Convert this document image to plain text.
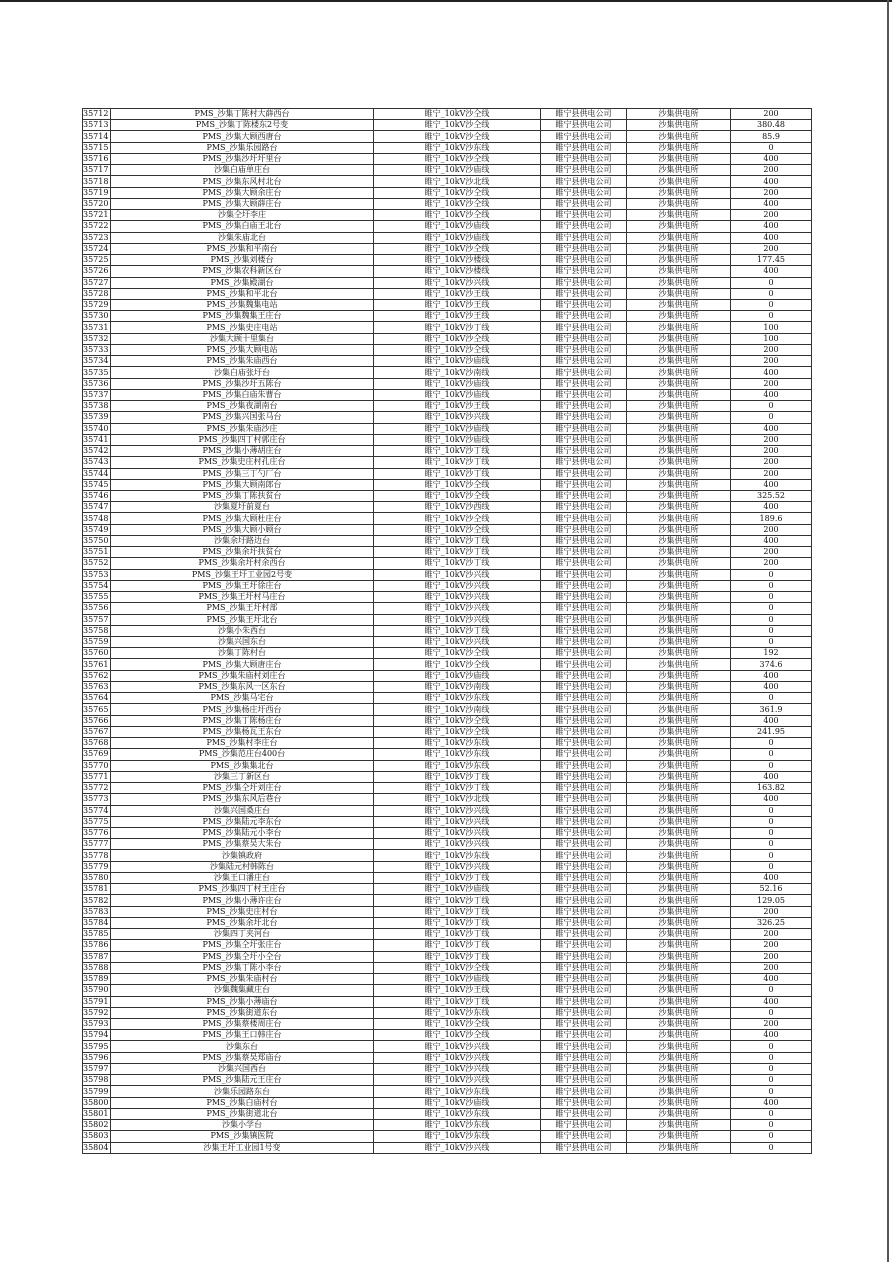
35712	PMS_沙集丁陈村大薛西台	睢宁_10kV沙仝线	睢宁县供电公司	沙集供电所	200
35713	PMS_沙集丁陈楼东2号变	睢宁_10kV沙仝线	睢宁县供电公司	沙集供电所	380.48
35714	PMS_沙集大顾西唐台	睢宁_10kV沙仝线	睢宁县供电公司	沙集供电所	85.9
35715	PMS_沙集乐园路台	睢宁_10kV沙东线	睢宁县供电公司	沙集供电所	0
35716	PMS_沙集沙圩圩里台	睢宁_10kV沙仝线	睢宁县供电公司	沙集供电所	400
35717	沙集白庙单庄台	睢宁_10kV沙庙线	睢宁县供电公司	沙集供电所	200
35718	PMS_沙集东风村北台	睢宁_10kV沙北线	睢宁县供电公司	沙集供电所	400
35719	PMS_沙集大顾余庄台	睢宁_10kV沙仝线	睢宁县供电公司	沙集供电所	200
35720	PMS_沙集大顾薛庄台	睢宁_10kV沙仝线	睢宁县供电公司	沙集供电所	400
35721	沙集仝圩李庄	睢宁_10kV沙仝线	睢宁县供电公司	沙集供电所	200
35722	PMS_沙集白庙王北台	睢宁_10kV沙庙线	睢宁县供电公司	沙集供电所	400
35723	沙集朱庙北台	睢宁_10kV沙庙线	睢宁县供电公司	沙集供电所	400
35724	PMS_沙集和平南台	睢宁_10kV沙仝线	睢宁县供电公司	沙集供电所	200
35725	PMS_沙集刘楼台	睢宁_10kV沙楼线	睢宁县供电公司	沙集供电所	177.45
35726	PMS_沙集农科新区台	睢宁_10kV沙楼线	睢宁县供电公司	沙集供电所	400
35727	PMS_沙集殿湖台	睢宁_10kV沙兴线	睢宁县供电公司	沙集供电所	0
35728	PMS_沙集和平北台	睢宁_10kV沙王线	睢宁县供电公司	沙集供电所	0
35729	PMS_沙集魏集电站	睢宁_10kV沙王线	睢宁县供电公司	沙集供电所	0
35730	PMS_沙集魏集王庄台	睢宁_10kV沙王线	睢宁县供电公司	沙集供电所	0
35731	PMS_沙集史庄电站	睢宁_10kV沙丁线	睢宁县供电公司	沙集供电所	100
35732	沙集大顾十里集台	睢宁_10kV沙仝线	睢宁县供电公司	沙集供电所	100
35733	PMS_沙集大顾电站	睢宁_10kV沙仝线	睢宁县供电公司	沙集供电所	200
35734	PMS_沙集朱庙西台	睢宁_10kV沙庙线	睢宁县供电公司	沙集供电所	200
35735	沙集白庙张圩台	睢宁_10kV沙南线	睢宁县供电公司	沙集供电所	400
35736	PMS_沙集沙圩五陈台	睢宁_10kV沙庙线	睢宁县供电公司	沙集供电所	200
35737	PMS_沙集白庙朱曹台	睢宁_10kV沙庙线	睢宁县供电公司	沙集供电所	400
35738	PMS_沙集夜湖南台	睢宁_10kV沙王线	睢宁县供电公司	沙集供电所	0
35739	PMS_沙集兴国张马台	睢宁_10kV沙兴线	睢宁县供电公司	沙集供电所	0
35740	PMS_沙集朱庙沙庄	睢宁_10kV沙庙线	睢宁县供电公司	沙集供电所	400
35741	PMS_沙集四丁村郭庄台	睢宁_10kV沙庙线	睢宁县供电公司	沙集供电所	200
35742	PMS_沙集小薄胡庄台	睢宁_10kV沙丁线	睢宁县供电公司	沙集供电所	200
35743	PMS_沙集史庄村孔庄台	睢宁_10kV沙丁线	睢宁县供电公司	沙集供电所	200
35744	PMS_沙集三丁勺厂台	睢宁_10kV沙丁线	睢宁县供电公司	沙集供电所	200
35745	PMS_沙集大顾南郎台	睢宁_10kV沙仝线	睢宁县供电公司	沙集供电所	400
35746	PMS_沙集丁陈扶贫台	睢宁_10kV沙仝线	睢宁县供电公司	沙集供电所	325.52
35747	沙集夏圩前夏台	睢宁_10kV沙西线	睢宁县供电公司	沙集供电所	400
35748	PMS_沙集大顾杜庄台	睢宁_10kV沙仝线	睢宁县供电公司	沙集供电所	189.6
35749	PMS_沙集大顾小顾台	睢宁_10kV沙仝线	睢宁县供电公司	沙集供电所	200
35750	沙集余圩路边台	睢宁_10kV沙丁线	睢宁县供电公司	沙集供电所	400
35751	PMS_沙集余圩扶贫台	睢宁_10kV沙丁线	睢宁县供电公司	沙集供电所	200
35752	PMS_沙集余圩村余西台	睢宁_10kV沙丁线	睢宁县供电公司	沙集供电所	200
35753	PMS_沙集王圩工业园2号变	睢宁_10kV沙兴线	睢宁县供电公司	沙集供电所	0
35754	PMS_沙集王圩徐庄台	睢宁_10kV沙兴线	睢宁县供电公司	沙集供电所	0
35755	PMS_沙集王圩村马庄台	睢宁_10kV沙兴线	睢宁县供电公司	沙集供电所	0
35756	PMS_沙集王圩村部	睢宁_10kV沙兴线	睢宁县供电公司	沙集供电所	0
35757	PMS_沙集王圩北台	睢宁_10kV沙兴线	睢宁县供电公司	沙集供电所	0
35758	沙集小朱西台	睢宁_10kV沙丁线	睢宁县供电公司	沙集供电所	0
35759	沙集兴国东台	睢宁_10kV沙兴线	睢宁县供电公司	沙集供电所	0
35760	沙集丁陈村台	睢宁_10kV沙仝线	睢宁县供电公司	沙集供电所	192
35761	PMS_沙集大顾唐庄台	睢宁_10kV沙仝线	睢宁县供电公司	沙集供电所	374.6
35762	PMS_沙集朱庙村刘庄台	睢宁_10kV沙庙线	睢宁县供电公司	沙集供电所	400
35763	PMS_沙集东风一区东台	睢宁_10kV沙南线	睢宁县供电公司	沙集供电所	400
35764	PMS_沙集马宅台	睢宁_10kV沙东线	睢宁县供电公司	沙集供电所	0
35765	PMS_沙集杨庄圩西台	睢宁_10kV沙南线	睢宁县供电公司	沙集供电所	361.9
35766	PMS_沙集丁陈杨庄台	睢宁_10kV沙仝线	睢宁县供电公司	沙集供电所	400
35767	PMS_沙集杨瓦王东台	睢宁_10kV沙仝线	睢宁县供电公司	沙集供电所	241.95
35768	PMS_沙集村李庄台	睢宁_10kV沙东线	睢宁县供电公司	沙集供电所	0
35769	PMS_沙集范庄台400台	睢宁_10kV沙东线	睢宁县供电公司	沙集供电所	0
35770	PMS_沙集集北台	睢宁_10kV沙东线	睢宁县供电公司	沙集供电所	0
35771	沙集三丁新区台	睢宁_10kV沙丁线	睢宁县供电公司	沙集供电所	400
35772	PMS_沙集仝圩刘庄台	睢宁_10kV沙丁线	睢宁县供电公司	沙集供电所	163.82
35773	PMS_沙集东风后巷台	睢宁_10kV沙北线	睢宁县供电公司	沙集供电所	400
35774	沙集兴国桑庄台	睢宁_10kV沙兴线	睢宁县供电公司	沙集供电所	0
35775	PMS_沙集陆元李东台	睢宁_10kV沙兴线	睢宁县供电公司	沙集供电所	0
35776	PMS_沙集陆元小李台	睢宁_10kV沙兴线	睢宁县供电公司	沙集供电所	0
35777	PMS_沙集蔡吴大朱台	睢宁_10kV沙兴线	睢宁县供电公司	沙集供电所	0
35778	沙集镇政府	睢宁_10kV沙东线	睢宁县供电公司	沙集供电所	0
35779	沙集陆元村韩陈台	睢宁_10kV沙兴线	睢宁县供电公司	沙集供电所	0
35780	沙集王口潘庄台	睢宁_10kV沙丁线	睢宁县供电公司	沙集供电所	400
35781	PMS_沙集四丁村王庄台	睢宁_10kV沙庙线	睢宁县供电公司	沙集供电所	52.16
35782	PMS_沙集小薄许庄台	睢宁_10kV沙丁线	睢宁县供电公司	沙集供电所	129.05
35783	PMS_沙集史庄村台	睢宁_10kV沙丁线	睢宁县供电公司	沙集供电所	200
35784	PMS_沙集余圩北台	睢宁_10kV沙丁线	睢宁县供电公司	沙集供电所	326.25
35785	沙集四丁夹河台	睢宁_10kV沙丁线	睢宁县供电公司	沙集供电所	200
35786	PMS_沙集仝圩张庄台	睢宁_10kV沙丁线	睢宁县供电公司	沙集供电所	200
35787	PMS_沙集仝圩小仝台	睢宁_10kV沙丁线	睢宁县供电公司	沙集供电所	200
35788	PMS_沙集丁陈小李台	睢宁_10kV沙仝线	睢宁县供电公司	沙集供电所	200
35789	PMS_沙集朱庙村台	睢宁_10kV沙庙线	睢宁县供电公司	沙集供电所	400
35790	沙集魏集藏庄台	睢宁_10kV沙王线	睢宁县供电公司	沙集供电所	0
35791	PMS_沙集小薄庙台	睢宁_10kV沙丁线	睢宁县供电公司	沙集供电所	400
35792	PMS_沙集街道东台	睢宁_10kV沙东线	睢宁县供电公司	沙集供电所	0
35793	PMS_沙集蔡楼周庄台	睢宁_10kV沙仝线	睢宁县供电公司	沙集供电所	200
35794	PMS_沙集王口韩庄台	睢宁_10kV沙仝线	睢宁县供电公司	沙集供电所	400
35795	沙集东台	睢宁_10kV沙兴线	睢宁县供电公司	沙集供电所	0
35796	PMS_沙集蔡吴郑庙台	睢宁_10kV沙兴线	睢宁县供电公司	沙集供电所	0
35797	沙集兴国西台	睢宁_10kV沙兴线	睢宁县供电公司	沙集供电所	0
35798	PMS_沙集陆元王庄台	睢宁_10kV沙兴线	睢宁县供电公司	沙集供电所	0
35799	沙集乐园路东台	睢宁_10kV沙东线	睢宁县供电公司	沙集供电所	0
35800	PMS_沙集白庙村台	睢宁_10kV沙庙线	睢宁县供电公司	沙集供电所	400
35801	PMS_沙集街道北台	睢宁_10kV沙东线	睢宁县供电公司	沙集供电所	0
35802	沙集小学台	睢宁_10kV沙东线	睢宁县供电公司	沙集供电所	0
35803	PMS_沙集镇医院	睢宁_10kV沙东线	睢宁县供电公司	沙集供电所	0
35804	沙集王圩工业园1号变	睢宁_10kV沙兴线	睢宁县供电公司	沙集供电所	0
